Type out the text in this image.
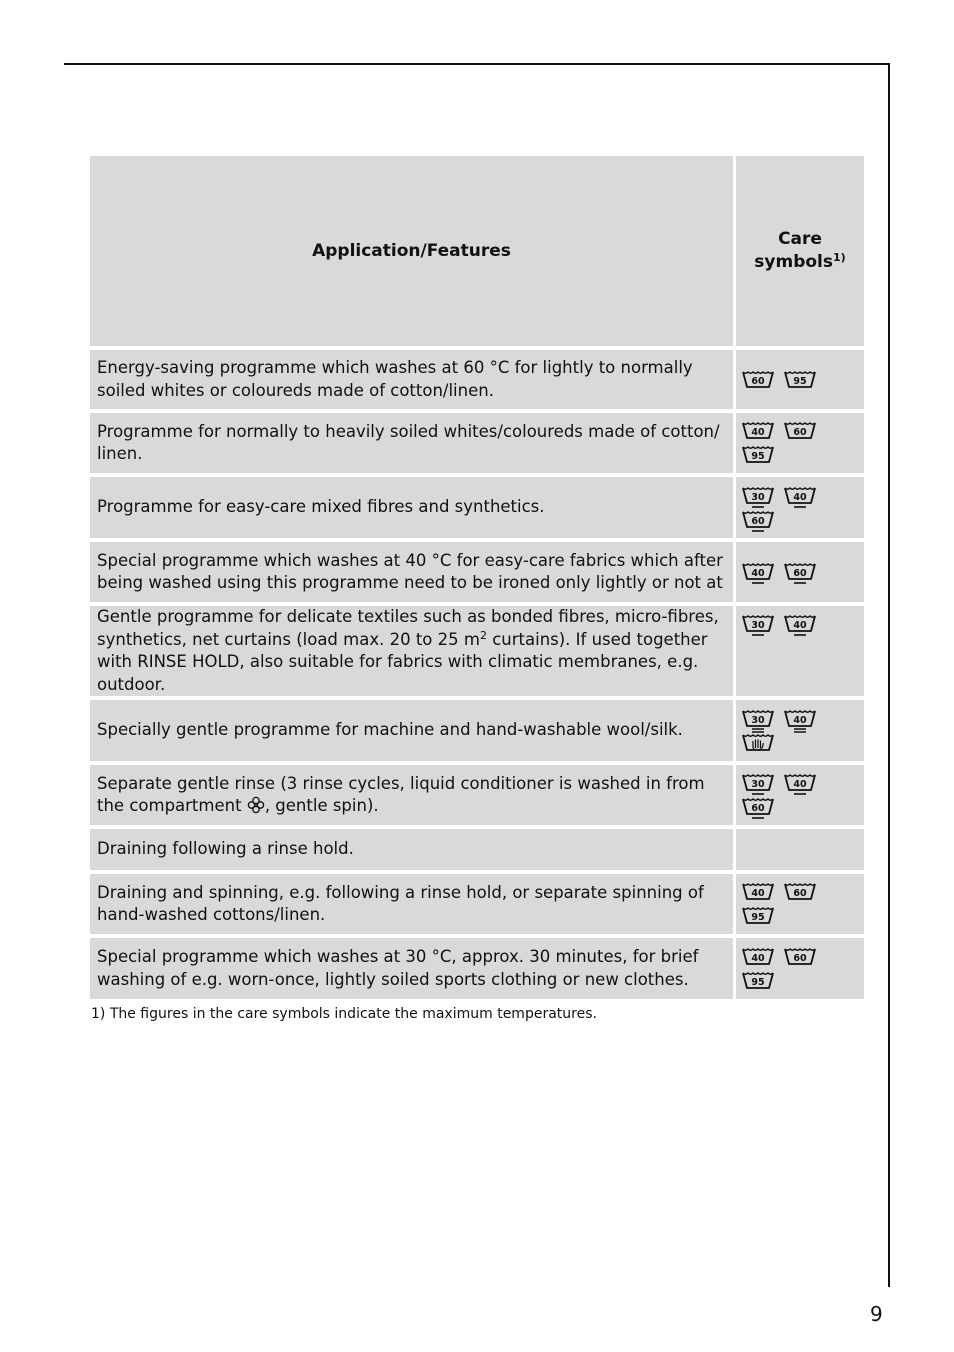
Application/Features	Care
symbols$^{1)}$
Energy-saving programme which washes at 60 °C for lightly to normally soiled whites or coloureds made of cotton/linen.	60 95

Programme for normally to heavily soiled whites/coloureds made of cotton/ linen.	40 60
95

Programme for easy-care mixed fibres and synthetics.	30 40
60

Special programme which washes at 40 °C for easy-care fabrics which after being washed using this programme need to be ironed only lightly or not at	40 60

Gentle programme for delicate textiles such as bonded fibres, micro-fibres, synthetics, net curtains (load max. 20 to 25 $m^2$ curtains). If used together with RINSE HOLD, also suitable for fabrics with climatic membranes, e.g. outdoor.	30 40

Specially gentle programme for machine and hand-washable wool/silk.	30 40

Separate gentle rinse (3 rinse cycles, liquid conditioner is washed in from the compartment , gentle spin).	30 40
60

Draining following a rinse hold.	

Draining and spinning, e.g. following a rinse hold, or separate spinning of hand-washed cottons/linen.	40 60
95

Special programme which washes at 30 °C, approx. 30 minutes, for brief washing of e.g. worn-once, lightly soiled sports clothing or new clothes.	40 60
95
1) The figures in the care symbols indicate the maximum temperatures.
9
